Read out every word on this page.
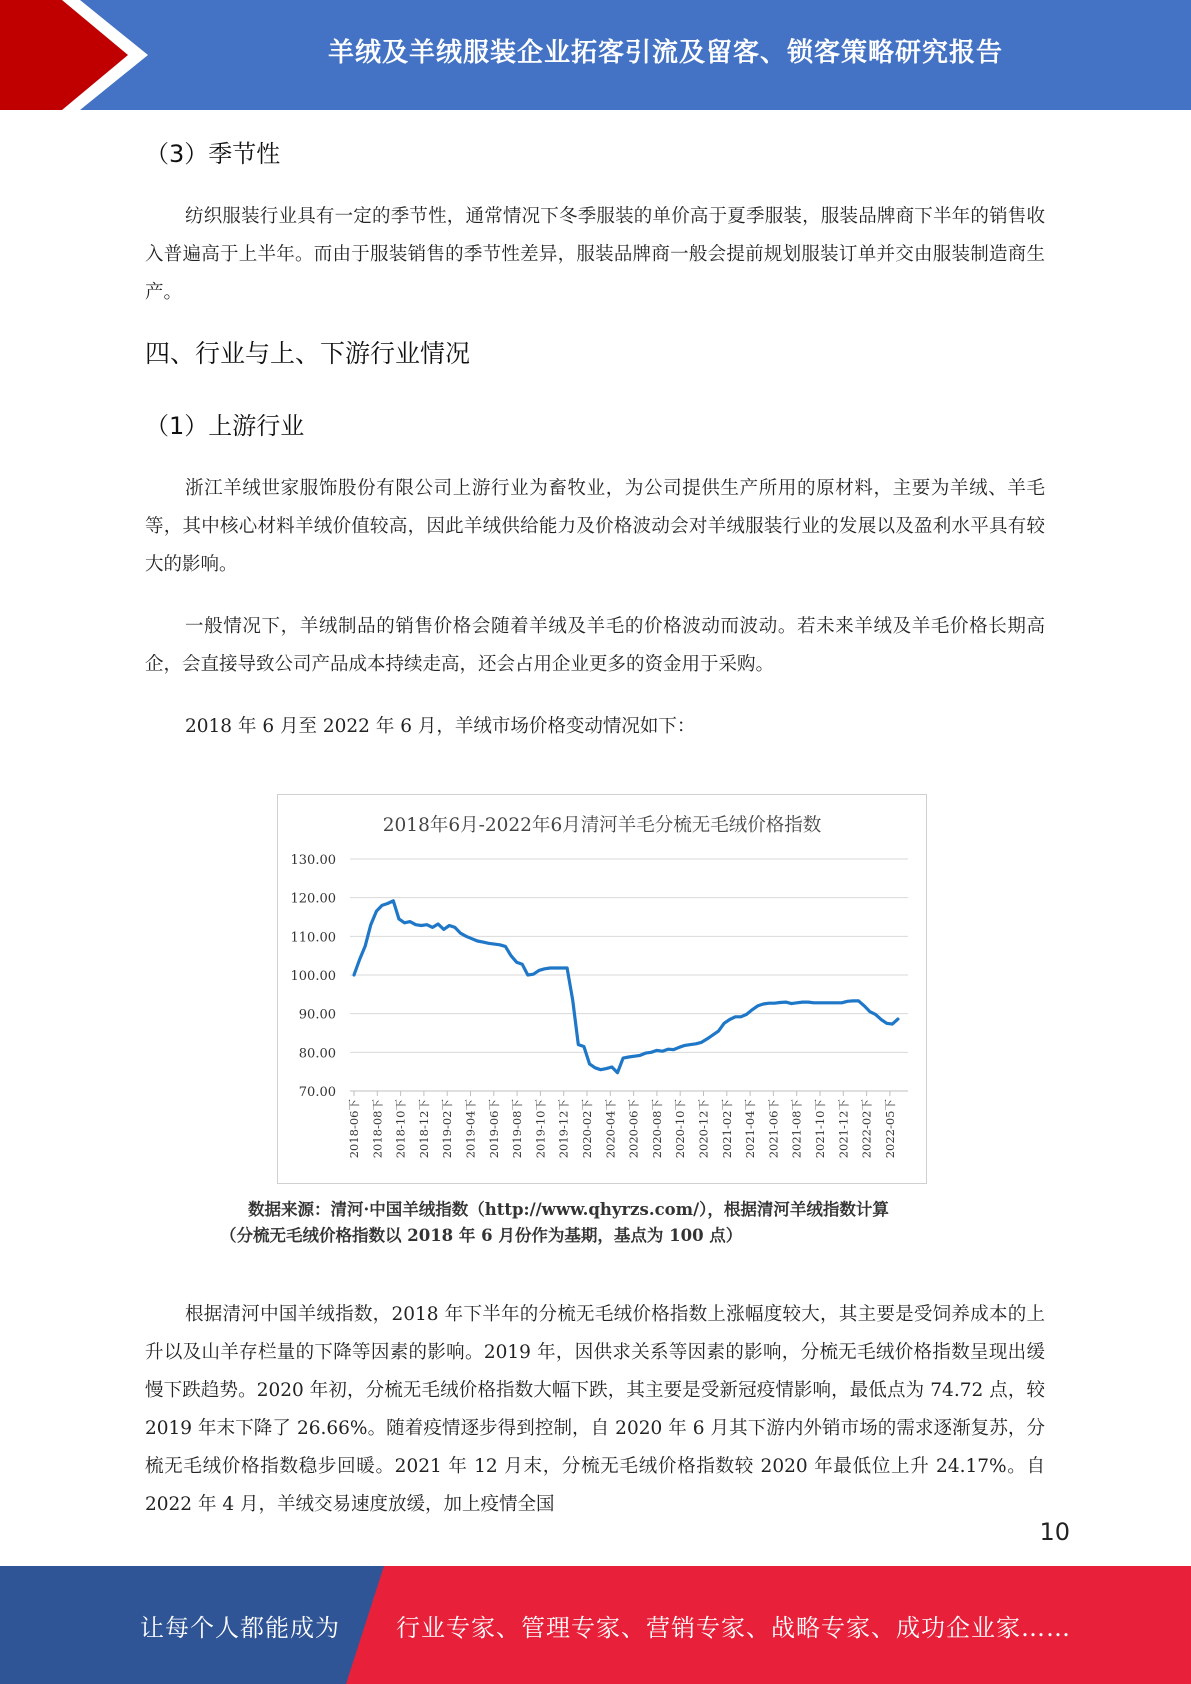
羊绒及羊绒服装企业拓客引流及留客、锁客策略研究报告
（3）季节性
纺织服装行业具有一定的季节性，通常情况下冬季服装的单价高于夏季服装，服装品牌商下半年的销售收入普遍高于上半年。而由于服装销售的季节性差异，服装品牌商一般会提前规划服装订单并交由服装制造商生产。
四、行业与上、下游行业情况
（1）上游行业
浙江羊绒世家服饰股份有限公司上游行业为畜牧业，为公司提供生产所用的原材料，主要为羊绒、羊毛等，其中核心材料羊绒价值较高，因此羊绒供给能力及价格波动会对羊绒服装行业的发展以及盈利水平具有较大的影响。
一般情况下，羊绒制品的销售价格会随着羊绒及羊毛的价格波动而波动。若未来羊绒及羊毛价格长期高企，会直接导致公司产品成本持续走高，还会占用企业更多的资金用于采购。
2018 年 6 月至 2022 年 6 月，羊绒市场价格变动情况如下：
2018年6月-2022年6月清河羊毛分梳无毛绒价格指数
70.00
80.00
90.00
100.00
110.00
120.00
130.00
2018-06下 2018-08下 2018-10下 2018-12下 2019-02下 2019-04下 2019-06下 2019-08下 2019-10下 2019-12下 2020-02下 2020-04下 2020-06下 2020-08下 2020-10下 2020-12下 2021-02下 2021-04下 2021-06下 2021-08下 2021-10下 2021-12下 2022-02下 2022-05下
数据来源：清河·中国羊绒指数（http://www.qhyrzs.com/），根据清河羊绒指数计算
（分梳无毛绒价格指数以 2018 年 6 月份作为基期，基点为 100 点）
根据清河中国羊绒指数，2018 年下半年的分梳无毛绒价格指数上涨幅度较大，其主要是受饲养成本的上升以及山羊存栏量的下降等因素的影响。2019 年，因供求关系等因素的影响，分梳无毛绒价格指数呈现出缓慢下跌趋势。2020 年初，分梳无毛绒价格指数大幅下跌，其主要是受新冠疫情影响，最低点为 74.72 点，较 2019 年末下降了 26.66%。随着疫情逐步得到控制，自 2020 年 6 月其下游内外销市场的需求逐渐复苏，分梳无毛绒价格指数稳步回暖。2021 年 12 月末，分梳无毛绒价格指数较 2020 年最低位上升 24.17%。自 2022 年 4 月，羊绒交易速度放缓，加上疫情全国
10
让每个人都能成为 行业专家、管理专家、营销专家、战略专家、成功企业家……
